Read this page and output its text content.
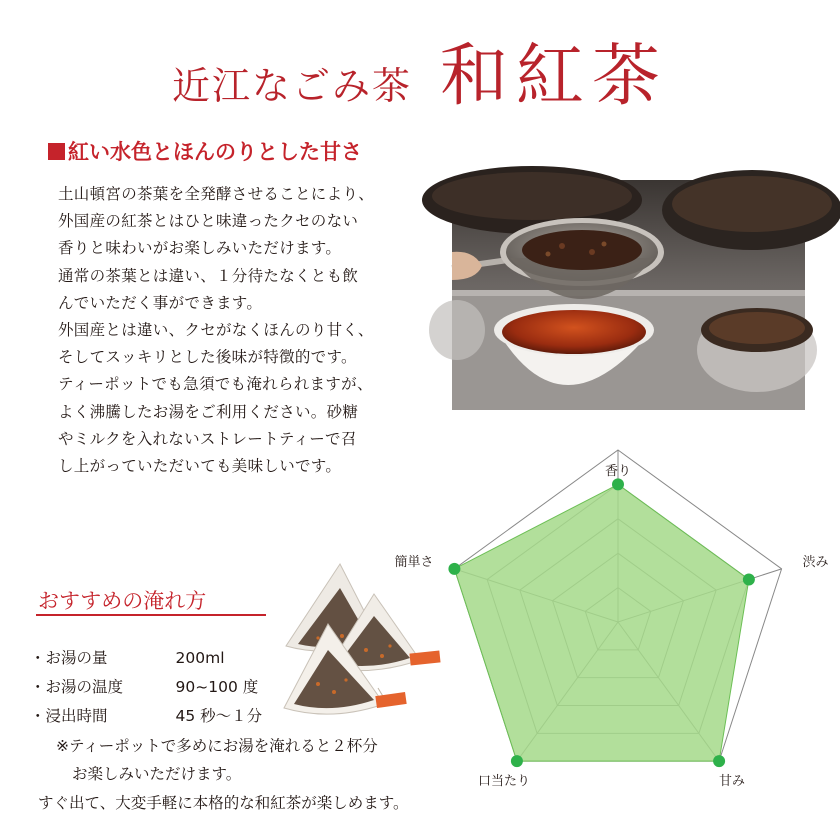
近江なごみ茶 和紅茶
紅い水色とほんのりとした甘さ
土山頓宮の茶葉を全発酵させることにより、
外国産の紅茶とはひと味違ったクセのない
香りと味わいがお楽しみいただけます。
通常の茶葉とは違い、１分待たなくとも飲
んでいただく事ができます。
外国産とは違い、クセがなくほんのり甘く、
そしてスッキリとした後味が特徴的です。
ティーポットでも急須でも淹れられますが、
よく沸騰したお湯をご利用ください。砂糖
やミルクを入れないストレートティーで召
し上がっていただいても美味しいです。
おすすめの淹れ方
・お湯の量	200ml
・お湯の温度	90~100 度
・浸出時間	45 秒～１分
※ティーポットで多めにお湯を淹れると２杯分
お楽しみいただけます。
すぐ出て、大変手軽に本格的な和紅茶が楽しめます。
香り
渋み
甘み
口当たり
簡単さ
